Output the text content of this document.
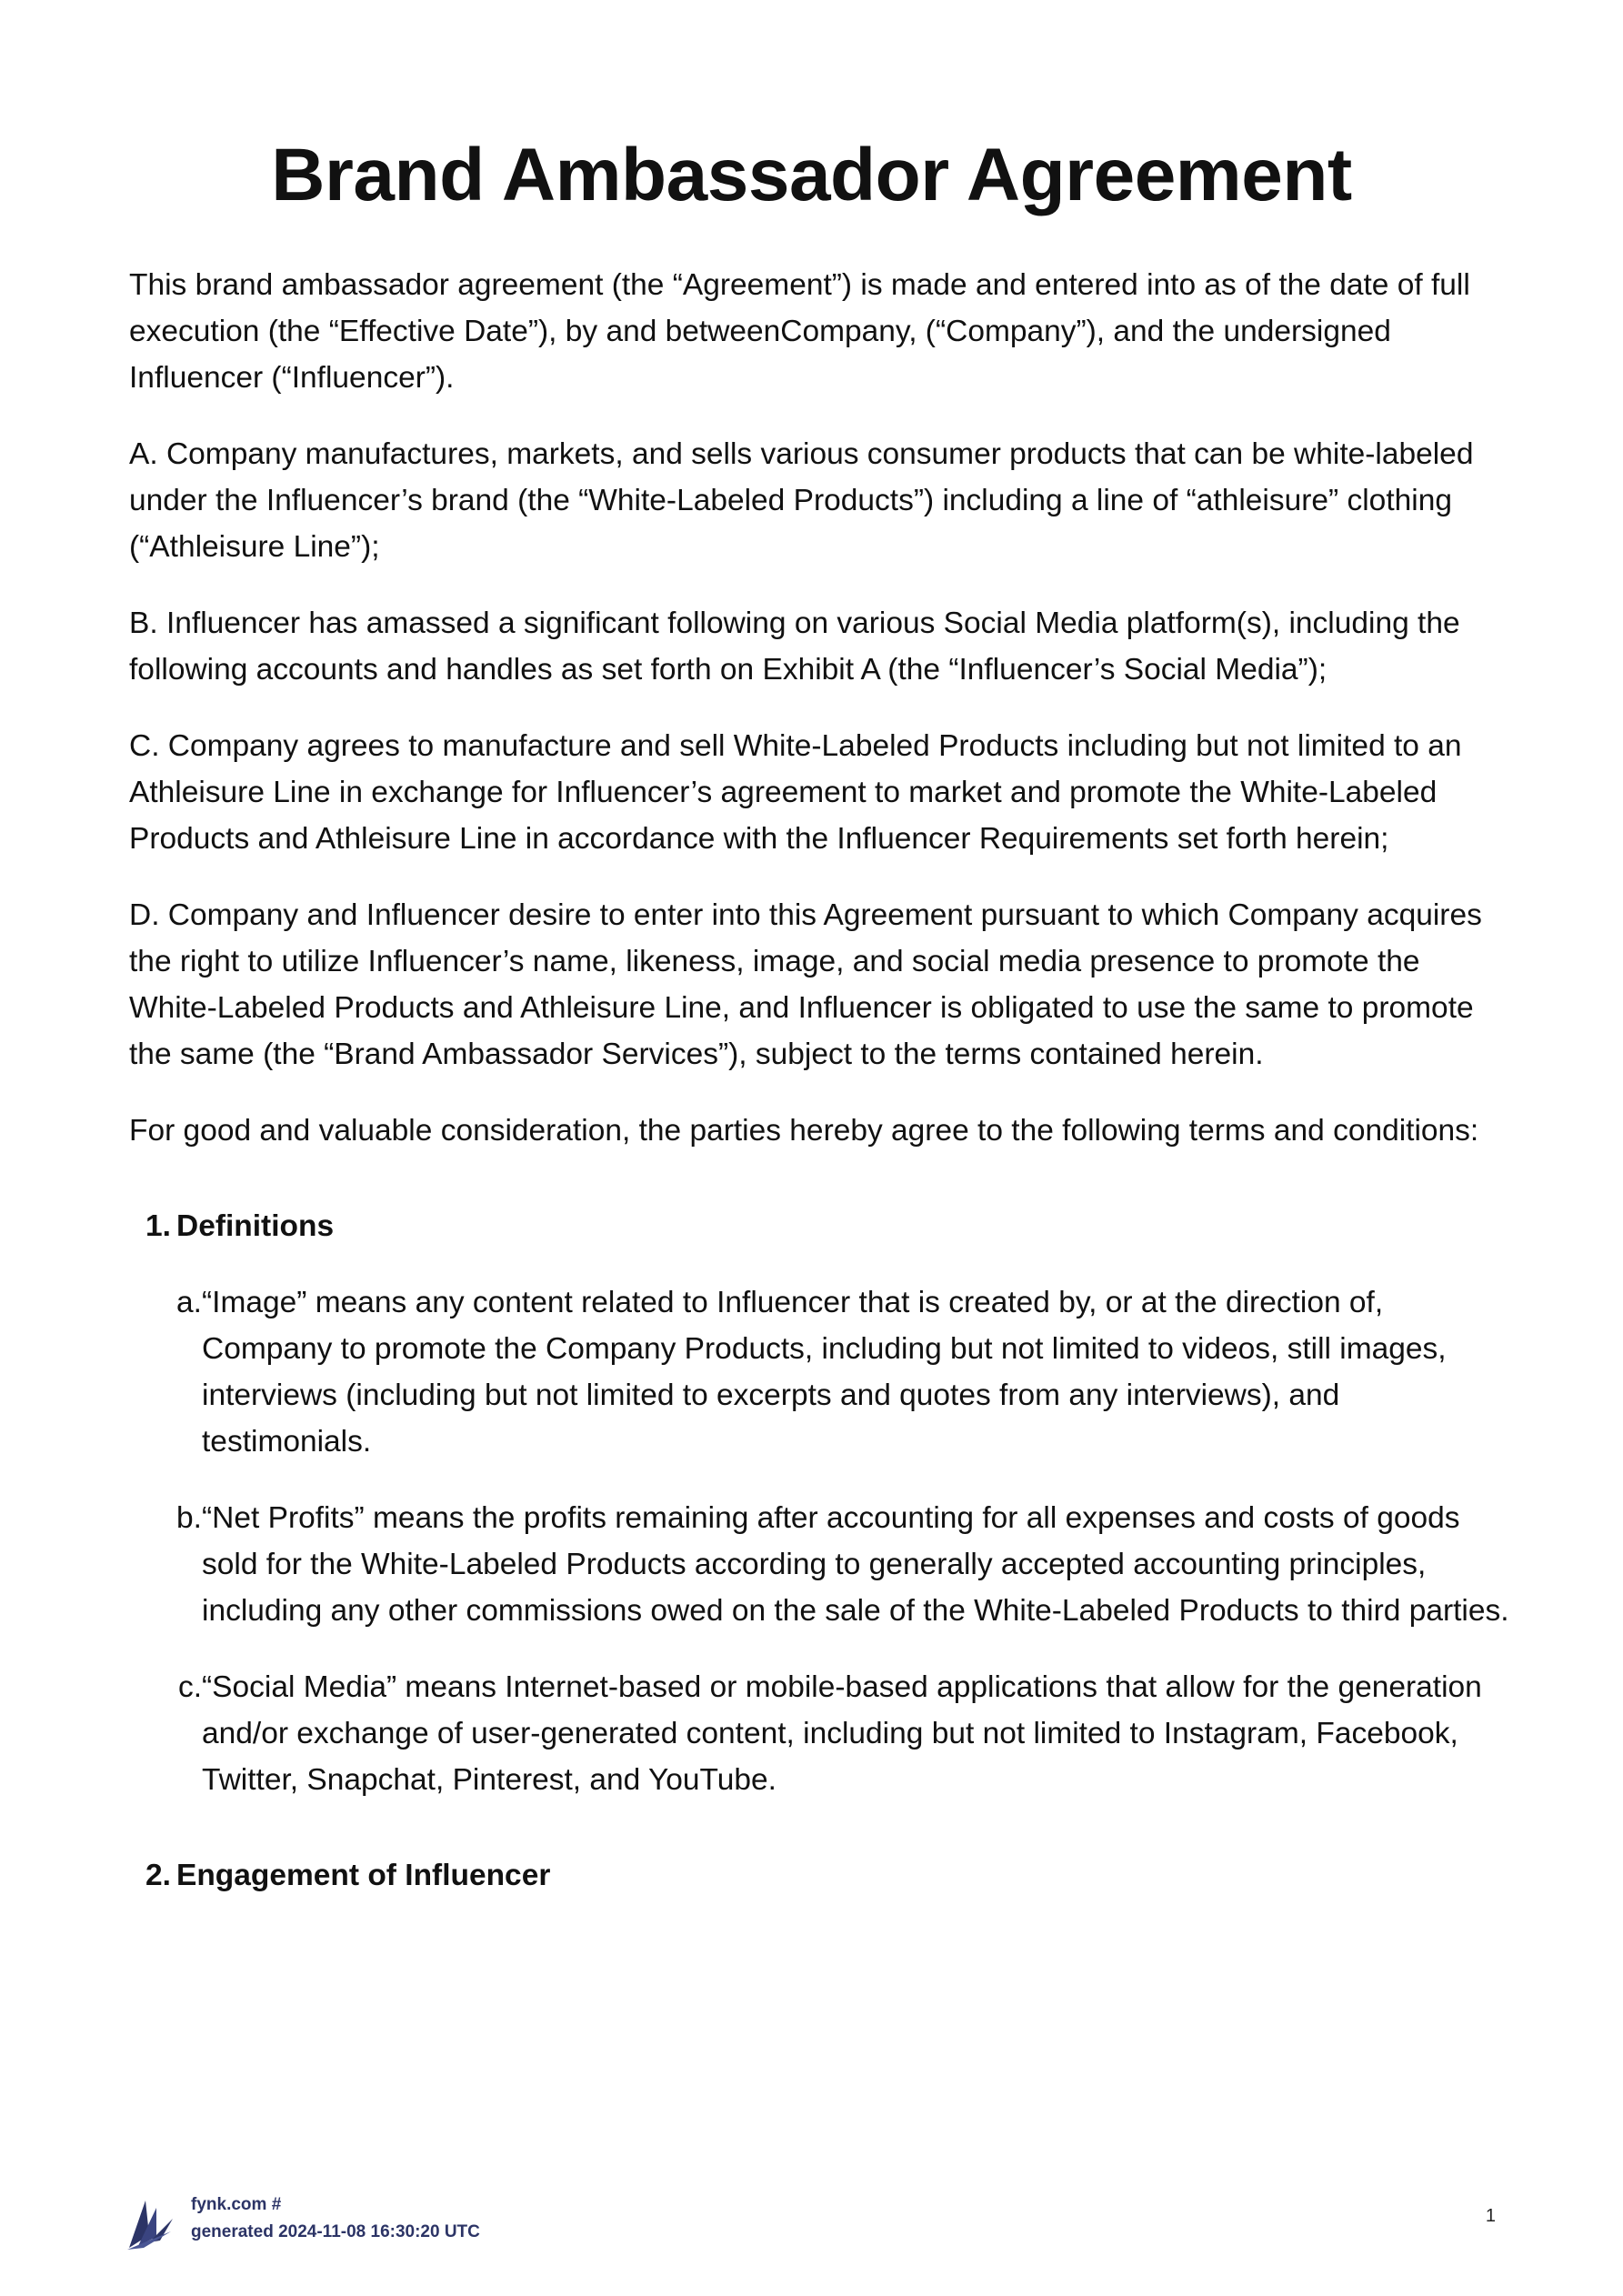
Brand Ambassador Agreement

This brand ambassador agreement (the “Agreement”) is made and entered into as of the date of full execution (the “Effective Date”), by and betweenCompany, (“Company”), and the undersigned Influencer (“Influencer”).

A. Company manufactures, markets, and sells various consumer products that can be white-labeled under the Influencer’s brand (the “White-Labeled Products”) including a line of “athleisure” clothing (“Athleisure Line”);

B. Influencer has amassed a significant following on various Social Media platform(s), including the following accounts and handles as set forth on Exhibit A (the “Influencer’s Social Media”);

C. Company agrees to manufacture and sell White-Labeled Products including but not limited to an Athleisure Line in exchange for Influencer’s agreement to market and promote the White-Labeled Products and Athleisure Line in accordance with the Influencer Requirements set forth herein;

D. Company and Influencer desire to enter into this Agreement pursuant to which Company acquires the right to utilize Influencer’s name, likeness, image, and social media presence to promote the White-Labeled Products and Athleisure Line, and Influencer is obligated to use the same to promote the same (the “Brand Ambassador Services”), subject to the terms contained herein.

For good and valuable consideration, the parties hereby agree to the following terms and conditions:

1. Definitions
a. “Image” means any content related to Influencer that is created by, or at the direction of, Company to promote the Company Products, including but not limited to videos, still images, interviews (including but not limited to excerpts and quotes from any interviews), and testimonials.
b. “Net Profits” means the profits remaining after accounting for all expenses and costs of goods sold for the White-Labeled Products according to generally accepted accounting principles, including any other commissions owed on the sale of the White-Labeled Products to third parties.
c. “Social Media” means Internet-based or mobile-based applications that allow for the generation and/or exchange of user-generated content, including but not limited to Instagram, Facebook, Twitter, Snapchat, Pinterest, and YouTube.
2. Engagement of Influencer
fynk.com #
generated 2024-11-08 16:30:20 UTC
1
